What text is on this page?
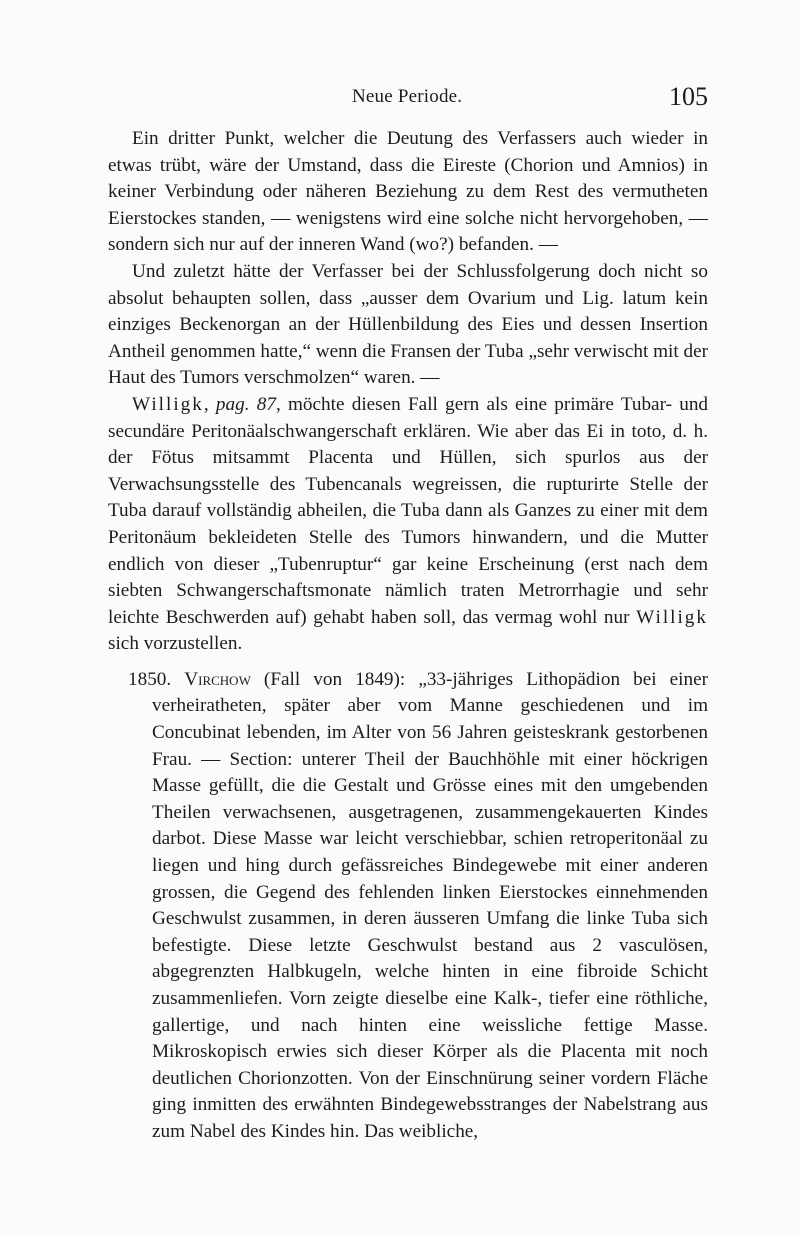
Neue Periode.	105

Ein dritter Punkt, welcher die Deutung des Verfassers auch wieder in etwas trübt, wäre der Umstand, dass die Eireste (Chorion und Amnios) in keiner Verbindung oder näheren Beziehung zu dem Rest des vermutheten Eierstockes standen, — wenigstens wird eine solche nicht hervorgehoben, — sondern sich nur auf der inneren Wand (wo?) befanden. —

Und zuletzt hätte der Verfasser bei der Schlussfolgerung doch nicht so absolut behaupten sollen, dass „ausser dem Ovarium und Lig. latum kein einziges Beckenorgan an der Hüllenbildung des Eies und dessen Insertion Antheil genommen hatte,“ wenn die Fransen der Tuba „sehr verwischt mit der Haut des Tumors verschmolzen“ waren. —

Willigk, pag. 87, möchte diesen Fall gern als eine primäre Tubar- und secundäre Peritonäalschwangerschaft erklären. Wie aber das Ei in toto, d. h. der Fötus mitsammt Placenta und Hüllen, sich spurlos aus der Verwachsungsstelle des Tubencanals wegreissen, die rupturirte Stelle der Tuba darauf vollständig abheilen, die Tuba dann als Ganzes zu einer mit dem Peritonäum bekleideten Stelle des Tumors hinwandern, und die Mutter endlich von dieser „Tubenruptur“ gar keine Erscheinung (erst nach dem siebten Schwangerschaftsmonate nämlich traten Metrorrhagie und sehr leichte Beschwerden auf) gehabt haben soll, das vermag wohl nur Willigk sich vorzustellen.

1850. Virchow (Fall von 1849): „33-jähriges Lithopädion bei einer verheiratheten, später aber vom Manne geschiedenen und im Concubinat lebenden, im Alter von 56 Jahren geisteskrank gestorbenen Frau. — Section: unterer Theil der Bauchhöhle mit einer höckrigen Masse gefüllt, die die Gestalt und Grösse eines mit den umgebenden Theilen verwachsenen, ausgetragenen, zusammengekauerten Kindes darbot. Diese Masse war leicht verschiebbar, schien retroperitonäal zu liegen und hing durch gefässreiches Bindegewebe mit einer anderen grossen, die Gegend des fehlenden linken Eierstockes einnehmenden Geschwulst zusammen, in deren äusseren Umfang die linke Tuba sich befestigte. Diese letzte Geschwulst bestand aus 2 vasculösen, abgegrenzten Halbkugeln, welche hinten in eine fibroide Schicht zusammenliefen. Vorn zeigte dieselbe eine Kalk-, tiefer eine röthliche, gallertige, und nach hinten eine weissliche fettige Masse. Mikroskopisch erwies sich dieser Körper als die Placenta mit noch deutlichen Chorionzotten. Von der Einschnürung seiner vordern Fläche ging inmitten des erwähnten Bindegewebsstranges der Nabelstrang aus zum Nabel des Kindes hin. Das weibliche,
